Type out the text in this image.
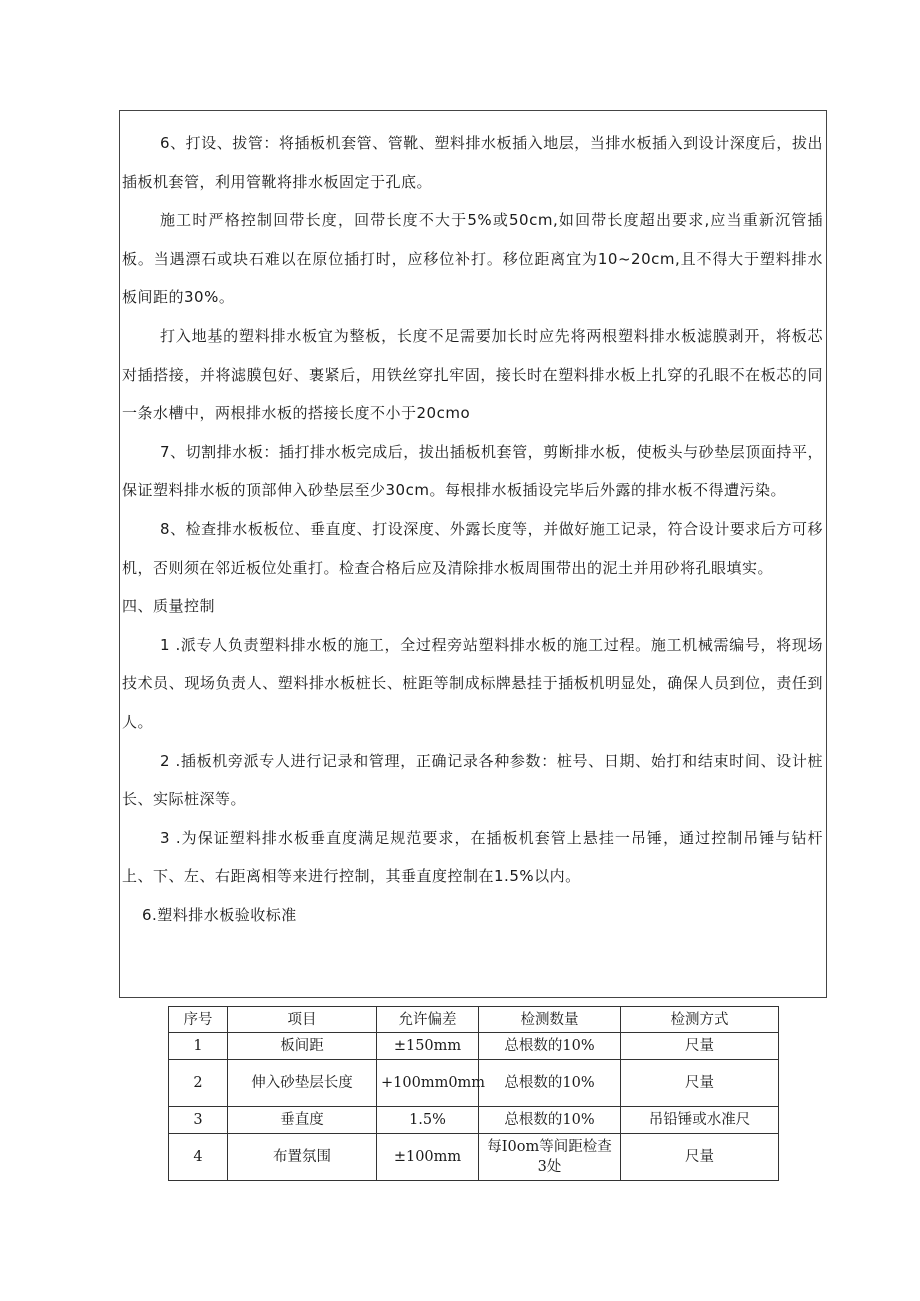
6、打设、拔管：将插板机套管、管靴、塑料排水板插入地层，当排水板插入到设计深度后，拔出插板机套管，利用管靴将排水板固定于孔底。

施工时严格控制回带长度，回带长度不大于5%或50cm,如回带长度超出要求,应当重新沉管插板。当遇漂石或块石难以在原位插打时，应移位补打。移位距离宜为10~20cm,且不得大于塑料排水板间距的30%。

打入地基的塑料排水板宜为整板，长度不足需要加长时应先将两根塑料排水板滤膜剥开，将板芯对插搭接，并将滤膜包好、裹紧后，用铁丝穿扎牢固，接长时在塑料排水板上扎穿的孔眼不在板芯的同一条水槽中，两根排水板的搭接长度不小于20cmo

7、切割排水板：插打排水板完成后，拔出插板机套管，剪断排水板，使板头与砂垫层顶面持平，保证塑料排水板的顶部伸入砂垫层至少30cm。每根排水板插设完毕后外露的排水板不得遭污染。

8、检查排水板板位、垂直度、打设深度、外露长度等，并做好施工记录，符合设计要求后方可移机，否则须在邻近板位处重打。检查合格后应及清除排水板周围带出的泥土并用砂将孔眼填实。

四、质量控制

1 .派专人负责塑料排水板的施工，全过程旁站塑料排水板的施工过程。施工机械需编号，将现场技术员、现场负责人、塑料排水板桩长、桩距等制成标牌悬挂于插板机明显处，确保人员到位，责任到人。

2 .插板机旁派专人进行记录和管理，正确记录各种参数：桩号、日期、始打和结束时间、设计桩长、实际桩深等。

3 .为保证塑料排水板垂直度满足规范要求，在插板机套管上悬挂一吊锤，通过控制吊锤与钻杆上、下、左、右距离相等来进行控制，其垂直度控制在1.5%以内。

6.塑料排水板验收标准

序号	项目	允许偏差	检测数量	检测方式
1	板间距	±150mm	总根数的10%	尺量
2	伸入砂垫层长度	+100mm0mm	总根数的10%	尺量
3	垂直度	1.5%	总根数的10%	吊铅锤或水准尺
4	布置氛围	±100mm	每I0om等间距检查3处	尺量
